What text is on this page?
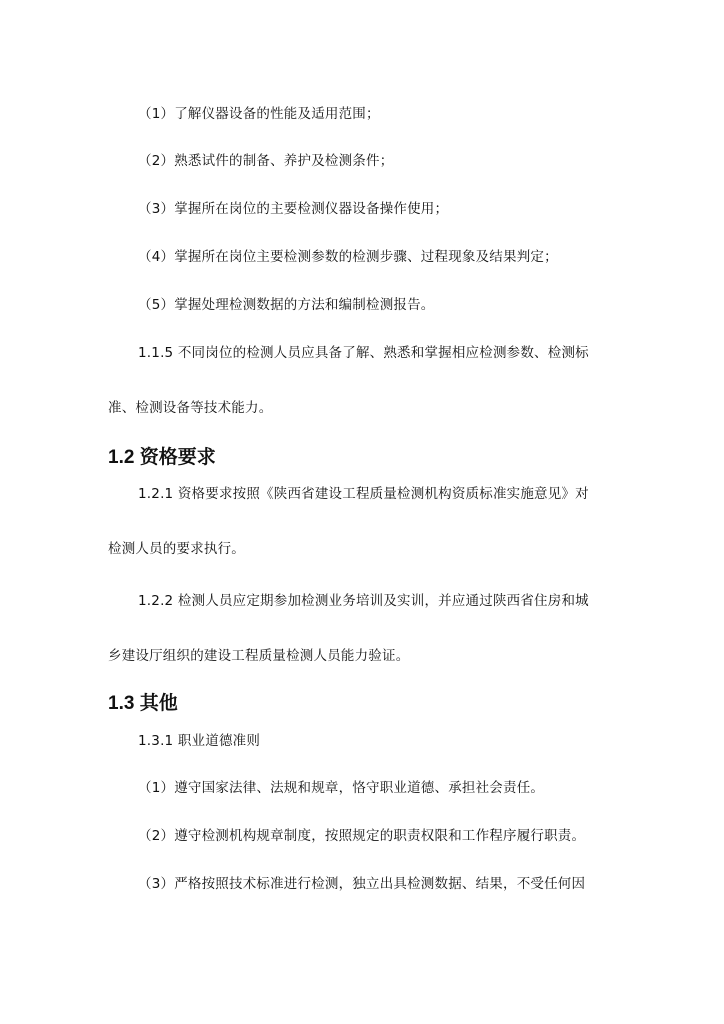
（1）了解仪器设备的性能及适用范围；
（2）熟悉试件的制备、养护及检测条件；
（3）掌握所在岗位的主要检测仪器设备操作使用；
（4）掌握所在岗位主要检测参数的检测步骤、过程现象及结果判定；
（5）掌握处理检测数据的方法和编制检测报告。
1.1.5 不同岗位的检测人员应具备了解、熟悉和掌握相应检测参数、检测标
准、检测设备等技术能力。
1.2 资格要求
1.2.1 资格要求按照《陕西省建设工程质量检测机构资质标准实施意见》对
检测人员的要求执行。
1.2.2 检测人员应定期参加检测业务培训及实训，并应通过陕西省住房和城
乡建设厅组织的建设工程质量检测人员能力验证。
1.3 其他
1.3.1 职业道德准则
（1）遵守国家法律、法规和规章，恪守职业道德、承担社会责任。
（2）遵守检测机构规章制度，按照规定的职责权限和工作程序履行职责。
（3）严格按照技术标准进行检测，独立出具检测数据、结果，不受任何因
